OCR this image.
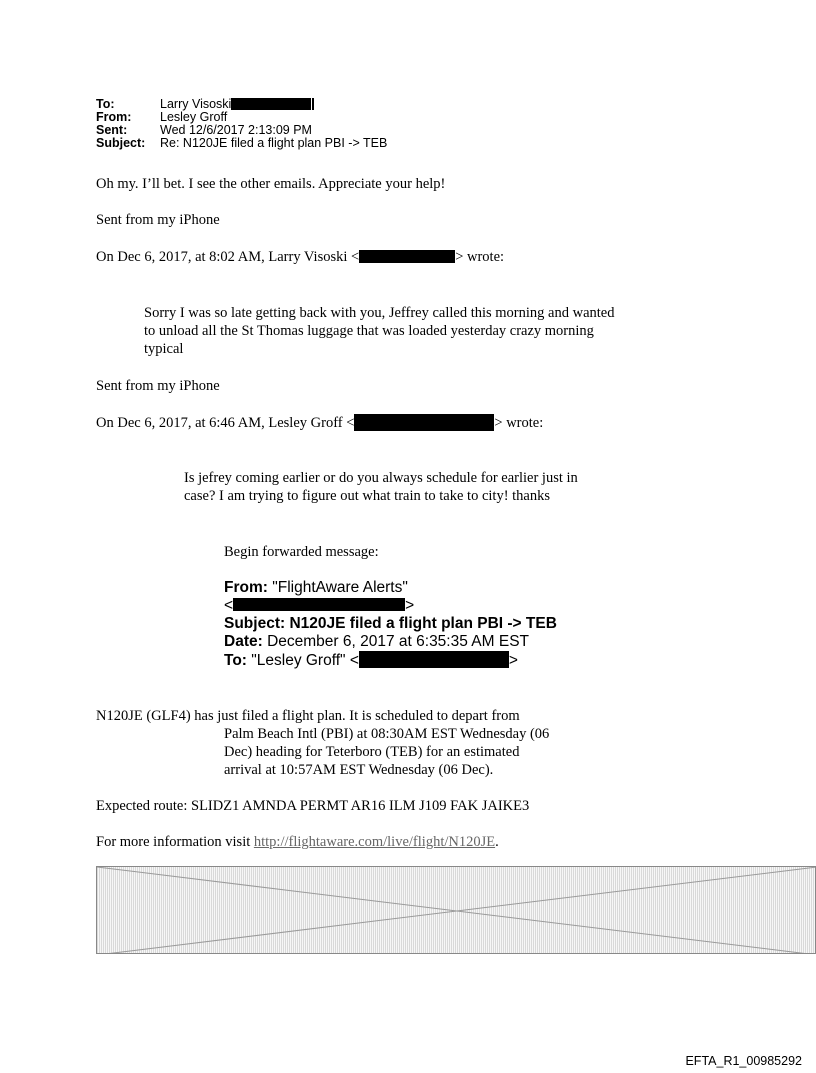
To:	Larry Visoski
From: Lesley Groff
Sent:	Wed 12/6/2017 2:13:09 PM
Subject: Re: N120JE filed a flight plan PBI -> TEB
Oh my. I’ll bet. I see the other emails. Appreciate your help!
Sent from my iPhone
On Dec 6, 2017, at 8:02 AM, Larry Visoski <	> wrote:
Sorry I was so late getting back with you, Jeffrey called this morning and wanted
to unload all the St Thomas luggage that was loaded yesterday crazy morning
typical
Sent from my iPhone
On Dec 6, 2017, at 6:46 AM, Lesley Groff <	> wrote:
Is jefrey coming earlier or do you always schedule for earlier just in
case? I am trying to figure out what train to take to city! thanks
Begin forwarded message:
From: "FlightAware Alerts"
<	>
Subject: N120JE filed a flight plan PBI -> TEB
Date: December 6, 2017 at 6:35:35 AM EST
To: "Lesley Groff" <	>
N120JE (GLF4) has just filed a flight plan. It is scheduled to depart from
Palm Beach Intl (PBI) at 08:30AM EST Wednesday (06
Dec) heading for Teterboro (TEB) for an estimated
arrival at 10:57AM EST Wednesday (06 Dec).
Expected route: SLIDZ1 AMNDA PERMT AR16 ILM J109 FAK JAIKE3
For more information visit http://flightaware.com/live/flight/N120JE.
EFTA_R1_00985292
